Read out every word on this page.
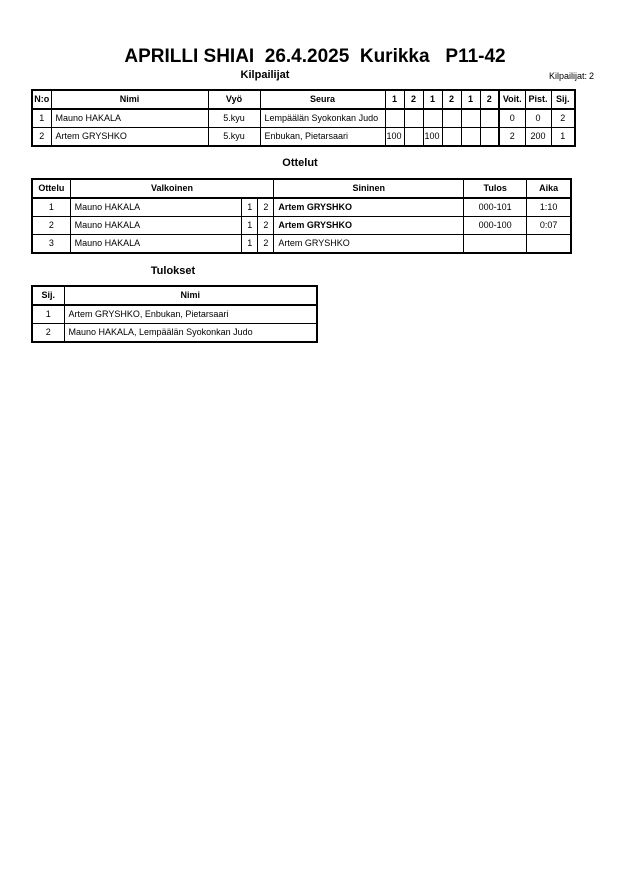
APRILLI SHIAI  26.4.2025  Kurikka   P11-42
Kilpailijat	Kilpailijat: 2
N:o	Nimi	Vyö	Seura	1	2	1	2	1	2	Voit.	Pist.	Sij.
1	Mauno HAKALA	5.kyu	Lempäälän Syokonkan Judo							0	0	2
2	Artem GRYSHKO	5.kyu	Enbukan, Pietarsaari	100		100				2	200	1
Ottelut
Ottelu	Valkoinen			Sininen	Tulos	Aika
1	Mauno HAKALA	1	2	Artem GRYSHKO	000-101	1:10
2	Mauno HAKALA	1	2	Artem GRYSHKO	000-100	0:07
3	Mauno HAKALA	1	2	Artem GRYSHKO		
Tulokset
Sij.	Nimi
1	Artem GRYSHKO, Enbukan, Pietarsaari
2	Mauno HAKALA, Lempäälän Syokonkan Judo
